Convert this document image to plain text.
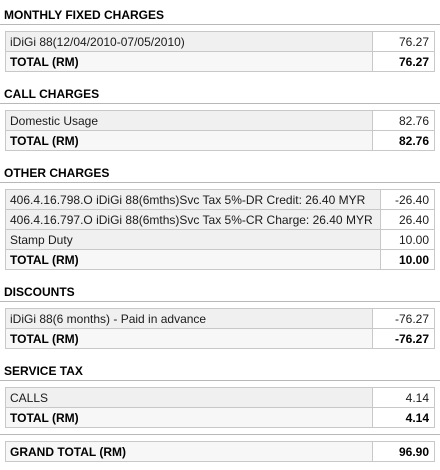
MONTHLY FIXED CHARGES
iDiGi 88(12/04/2010-07/05/2010)	76.27
TOTAL (RM)	76.27
CALL CHARGES
Domestic Usage	82.76
TOTAL (RM)	82.76
OTHER CHARGES
406.4.16.798.O iDiGi 88(6mths)Svc Tax 5%-DR Credit: 26.40 MYR	-26.40
406.4.16.797.O iDiGi 88(6mths)Svc Tax 5%-CR Charge: 26.40 MYR	26.40
Stamp Duty	10.00
TOTAL (RM)	10.00
DISCOUNTS
iDiGi 88(6 months) - Paid in advance	-76.27
TOTAL (RM)	-76.27
SERVICE TAX
CALLS	4.14
TOTAL (RM)	4.14
GRAND TOTAL (RM)	96.90
